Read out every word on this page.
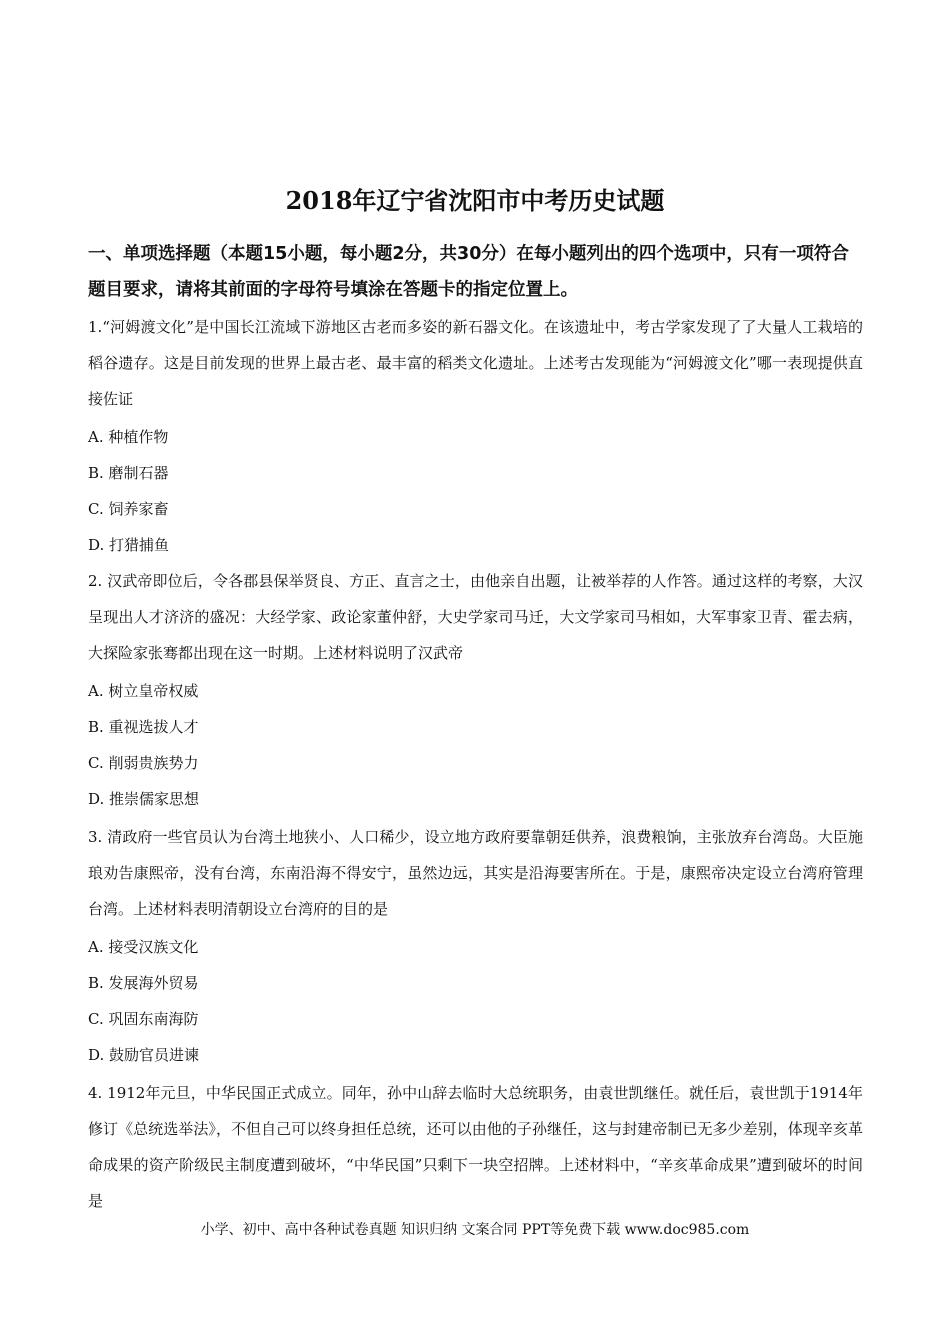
2018年辽宁省沈阳市中考历史试题

一、单项选择题（本题15小题，每小题2分，共30分）在每小题列出的四个选项中，只有一项符合题目要求，请将其前面的字母符号填涂在答题卡的指定位置上。

1.“河姆渡文化”是中国长江流域下游地区古老而多姿的新石器文化。在该遗址中，考古学家发现了了大量人工栽培的稻谷遗存。这是目前发现的世界上最古老、最丰富的稻类文化遗址。上述考古发现能为“河姆渡文化”哪一表现提供直接佐证

A. 种植作物

B. 磨制石器

C. 饲养家畜

D. 打猎捕鱼

2. 汉武帝即位后，令各郡县保举贤良、方正、直言之士，由他亲自出题，让被举荐的人作答。通过这样的考察，大汉呈现出人才济济的盛况：大经学家、政论家董仲舒，大史学家司马迁，大文学家司马相如，大军事家卫青、霍去病，大探险家张骞都出现在这一时期。上述材料说明了汉武帝

A. 树立皇帝权威

B. 重视选拔人才

C. 削弱贵族势力

D. 推崇儒家思想

3. 清政府一些官员认为台湾土地狭小、人口稀少，设立地方政府要靠朝廷供养，浪费粮饷，主张放弃台湾岛。大臣施琅劝告康熙帝，没有台湾，东南沿海不得安宁，虽然边远，其实是沿海要害所在。于是，康熙帝决定设立台湾府管理台湾。上述材料表明清朝设立台湾府的目的是

A. 接受汉族文化

B. 发展海外贸易

C. 巩固东南海防

D. 鼓励官员进谏

4. 1912年元旦，中华民国正式成立。同年，孙中山辞去临时大总统职务，由袁世凯继任。就任后，袁世凯于1914年修订《总统选举法》，不但自己可以终身担任总统，还可以由他的子孙继任，这与封建帝制已无多少差别，体现辛亥革命成果的资产阶级民主制度遭到破坏，“中华民国”只剩下一块空招牌。上述材料中，“辛亥革命成果”遭到破坏的时间是

小学、初中、高中各种试卷真题 知识归纳 文案合同 PPT等免费下载 www.doc985.com
